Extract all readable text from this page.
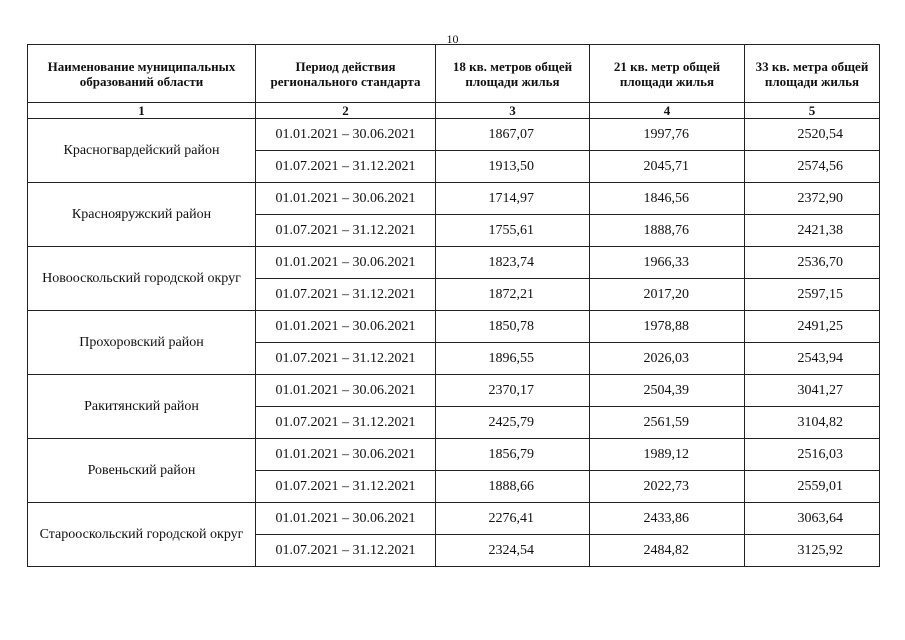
10
Наименование муниципальных образований области	Период действия регионального стандарта	18 кв. метров общей площади жилья	21 кв. метр общей площади жилья	33 кв. метра общей площади жилья
1	2	3	4	5
Красногвардейский район	01.01.2021 – 30.06.2021	1867,07	1997,76	2520,54
	01.07.2021 – 31.12.2021	1913,50	2045,71	2574,56
Краснояружский район	01.01.2021 – 30.06.2021	1714,97	1846,56	2372,90
	01.07.2021 – 31.12.2021	1755,61	1888,76	2421,38
Новооскольский городской округ	01.01.2021 – 30.06.2021	1823,74	1966,33	2536,70
	01.07.2021 – 31.12.2021	1872,21	2017,20	2597,15
Прохоровский район	01.01.2021 – 30.06.2021	1850,78	1978,88	2491,25
	01.07.2021 – 31.12.2021	1896,55	2026,03	2543,94
Ракитянский район	01.01.2021 – 30.06.2021	2370,17	2504,39	3041,27
	01.07.2021 – 31.12.2021	2425,79	2561,59	3104,82
Ровеньский район	01.01.2021 – 30.06.2021	1856,79	1989,12	2516,03
	01.07.2021 – 31.12.2021	1888,66	2022,73	2559,01
Старооскольский городской округ	01.01.2021 – 30.06.2021	2276,41	2433,86	3063,64
	01.07.2021 – 31.12.2021	2324,54	2484,82	3125,92
